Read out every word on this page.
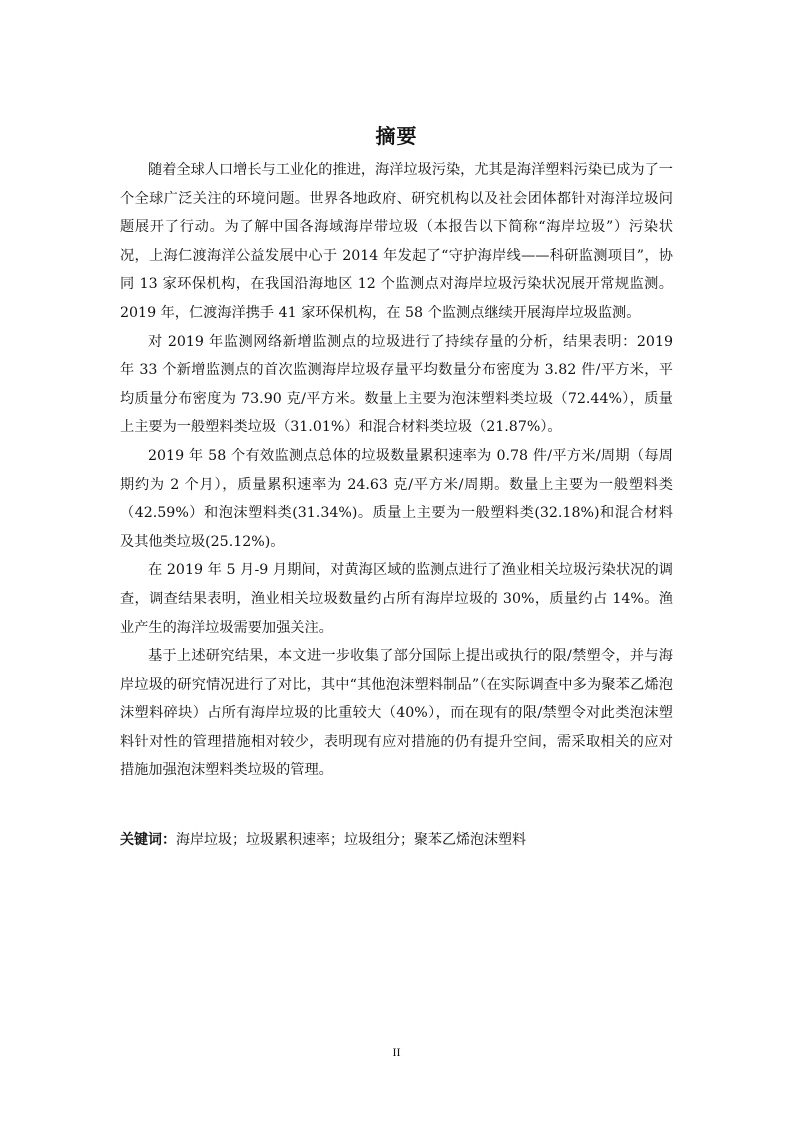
摘要

随着全球人口增长与工业化的推进，海洋垃圾污染，尤其是海洋塑料污染已成为了一个全球广泛关注的环境问题。世界各地政府、研究机构以及社会团体都针对海洋垃圾问题展开了行动。为了解中国各海域海岸带垃圾（本报告以下简称“海岸垃圾”）污染状况，上海仁渡海洋公益发展中心于 2014 年发起了“守护海岸线——科研监测项目”，协同 13 家环保机构，在我国沿海地区 12 个监测点对海岸垃圾污染状况展开常规监测。2019 年，仁渡海洋携手 41 家环保机构，在 58 个监测点继续开展海岸垃圾监测。

对 2019 年监测网络新增监测点的垃圾进行了持续存量的分析，结果表明：2019 年 33 个新增监测点的首次监测海岸垃圾存量平均数量分布密度为 3.82 件/平方米，平均质量分布密度为 73.90 克/平方米。数量上主要为泡沫塑料类垃圾（72.44%），质量上主要为一般塑料类垃圾（31.01%）和混合材料类垃圾（21.87%）。

2019 年 58 个有效监测点总体的垃圾数量累积速率为 0.78 件/平方米/周期（每周期约为 2 个月），质量累积速率为 24.63 克/平方米/周期。数量上主要为一般塑料类（42.59%）和泡沫塑料类(31.34%)。质量上主要为一般塑料类(32.18%)和混合材料及其他类垃圾(25.12%)。

在 2019 年 5 月-9 月期间，对黄海区域的监测点进行了渔业相关垃圾污染状况的调查，调查结果表明，渔业相关垃圾数量约占所有海岸垃圾的 30%，质量约占 14%。渔业产生的海洋垃圾需要加强关注。

基于上述研究结果，本文进一步收集了部分国际上提出或执行的限/禁塑令，并与海岸垃圾的研究情况进行了对比，其中“其他泡沫塑料制品”（在实际调查中多为聚苯乙烯泡沫塑料碎块）占所有海岸垃圾的比重较大（40%），而在现有的限/禁塑令对此类泡沫塑料针对性的管理措施相对较少，表明现有应对措施的仍有提升空间，需采取相关的应对措施加强泡沫塑料类垃圾的管理。

关键词：海岸垃圾；垃圾累积速率；垃圾组分；聚苯乙烯泡沫塑料
II
